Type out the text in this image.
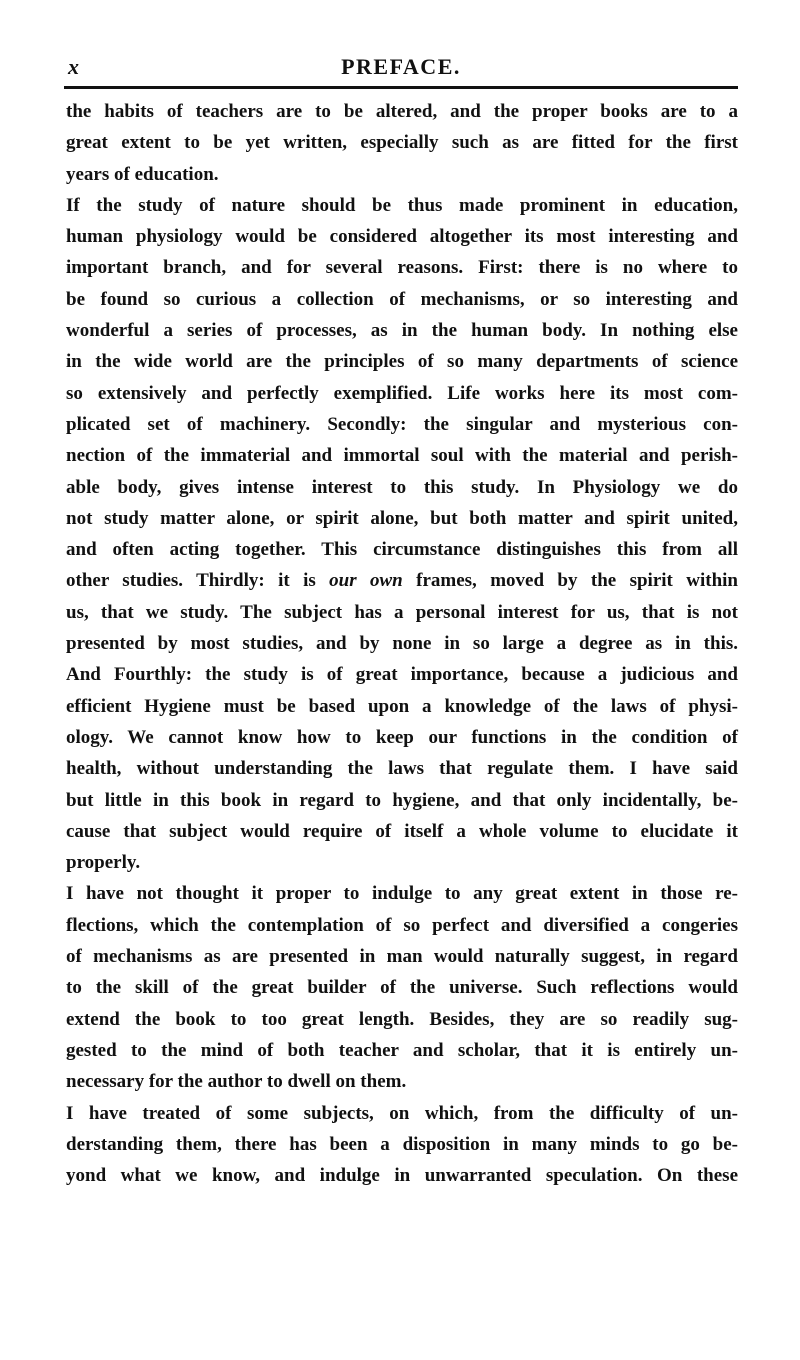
x	PREFACE.
the habits of teachers are to be altered, and the proper books are to a
great extent to be yet written, especially such as are fitted for the first
years of education.
If the study of nature should be thus made prominent in education,
human physiology would be considered altogether its most interesting and
important branch, and for several reasons. First: there is no where to
be found so curious a collection of mechanisms, or so interesting and
wonderful a series of processes, as in the human body. In nothing else
in the wide world are the principles of so many departments of science
so extensively and perfectly exemplified. Life works here its most com-
plicated set of machinery. Secondly: the singular and mysterious con-
nection of the immaterial and immortal soul with the material and perish-
able body, gives intense interest to this study. In Physiology we do
not study matter alone, or spirit alone, but both matter and spirit united,
and often acting together. This circumstance distinguishes this from all
other studies. Thirdly: it is our own frames, moved by the spirit within
us, that we study. The subject has a personal interest for us, that is not
presented by most studies, and by none in so large a degree as in this.
And Fourthly: the study is of great importance, because a judicious and
efficient Hygiene must be based upon a knowledge of the laws of physi-
ology. We cannot know how to keep our functions in the condition of
health, without understanding the laws that regulate them. I have said
but little in this book in regard to hygiene, and that only incidentally, be-
cause that subject would require of itself a whole volume to elucidate it
properly.
I have not thought it proper to indulge to any great extent in those re-
flections, which the contemplation of so perfect and diversified a congeries
of mechanisms as are presented in man would naturally suggest, in regard
to the skill of the great builder of the universe. Such reflections would
extend the book to too great length. Besides, they are so readily sug-
gested to the mind of both teacher and scholar, that it is entirely un-
necessary for the author to dwell on them.
I have treated of some subjects, on which, from the difficulty of un-
derstanding them, there has been a disposition in many minds to go be-
yond what we know, and indulge in unwarranted speculation. On these
